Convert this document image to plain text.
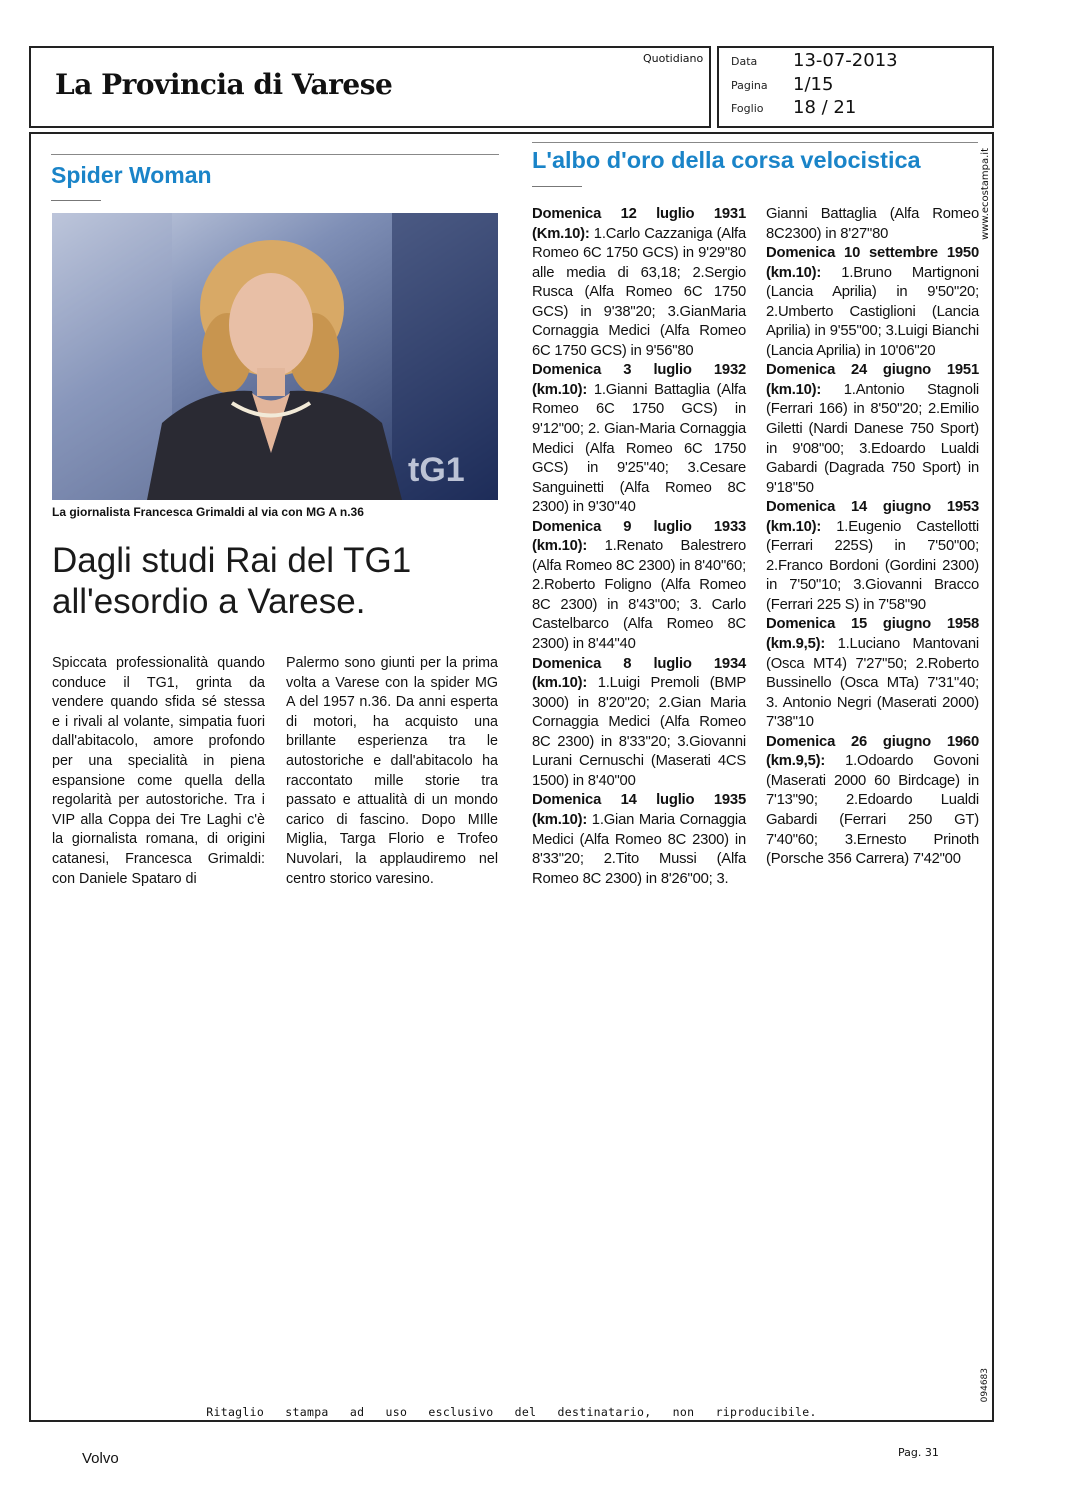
La Provincia di Varese
Quotidiano	Data 13-07-2013
Pagina 1/15
Foglio 18 / 21
www.ecostampa.it
094683
Spider Woman
tG1
La giornalista Francesca Grimaldi al via con MG A n.36
Dagli studi Rai del TG1
all'esordio a Varese.
Spiccata professionalità quando conduce il TG1, grinta da vendere quando sfida sé stessa e i rivali al volante, simpatia fuori dall'abitacolo, amore profondo per una specialità in piena espansione come quella della regolarità per autostoriche. Tra i VIP alla Coppa dei Tre Laghi c'è la giornalista romana, di origini catanesi, Francesca Grimaldi: con Daniele Spataro di
Palermo sono giunti per la prima volta a Varese con la spider MG A del 1957 n.36. Da anni esperta di motori, ha acquisto una brillante esperienza tra le autostoriche e dall'abitacolo ha raccontato mille storie tra passato e attualità di un mondo carico di fascino. Dopo MIlle Miglia, Targa Florio e Trofeo Nuvolari, la applaudiremo nel centro storico varesino.
L'albo d'oro della corsa velocistica

Domenica 12 luglio 1931 (Km.10): 1.Carlo Cazzaniga (Alfa Romeo 6C 1750 GCS) in 9'29"80 alle media di 63,18; 2.Sergio Rusca (Alfa Romeo 6C 1750 GCS) in 9'38"20; 3.GianMaria Cornaggia Medici (Alfa Romeo 6C 1750 GCS) in 9'56"80

Domenica 3 luglio 1932 (km.10): 1.Gianni Battaglia (Alfa Romeo 6C 1750 GCS) in 9'12"00; 2. Gian-Maria Cornaggia Medici (Alfa Romeo 6C 1750 GCS) in 9'25"40; 3.Cesare Sanguinetti (Alfa Romeo 8C 2300) in 9'30"40

Domenica 9 luglio 1933 (km.10): 1.Renato Balestrero (Alfa Romeo 8C 2300) in 8'40"60; 2.Roberto Foligno (Alfa Romeo 8C 2300) in 8'43"00; 3. Carlo Castelbarco (Alfa Romeo 8C 2300) in 8'44"40

Domenica 8 luglio 1934 (km.10): 1.Luigi Premoli (BMP 3000) in 8'20"20; 2.Gian Maria Cornaggia Medici (Alfa Romeo 8C 2300) in 8'33"20; 3.Giovanni Lurani Cernuschi (Maserati 4CS 1500) in 8'40"00

Domenica 14 luglio 1935 (km.10): 1.Gian Maria Cornaggia Medici (Alfa Romeo 8C 2300) in 8'33"20; 2.Tito Mussi (Alfa Romeo 8C 2300) in 8'26"00; 3.

Gianni Battaglia (Alfa Romeo 8C2300) in 8'27"80

Domenica 10 settembre 1950 (km.10): 1.Bruno Martignoni (Lancia Aprilia) in 9'50"20; 2.Umberto Castiglioni (Lancia Aprilia) in 9'55"00; 3.Luigi Bianchi (Lancia Aprilia) in 10'06"20

Domenica 24 giugno 1951 (km.10): 1.Antonio Stagnoli (Ferrari 166) in 8'50"20; 2.Emilio Giletti (Nardi Danese 750 Sport) in 9'08"00; 3.Edoardo Lualdi Gabardi (Dagrada 750 Sport) in 9'18"50

Domenica 14 giugno 1953 (km.10): 1.Eugenio Castellotti (Ferrari 225S) in 7'50"00; 2.Franco Bordoni (Gordini 2300) in 7'50"10; 3.Giovanni Bracco (Ferrari 225 S) in 7'58"90

Domenica 15 giugno 1958 (km.9,5): 1.Luciano Mantovani (Osca MT4) 7'27"50; 2.Roberto Bussinello (Osca MTa) 7'31"40; 3. Antonio Negri (Maserati 2000) 7'38"10

Domenica 26 giugno 1960 (km.9,5): 1.Odoardo Govoni (Maserati 2000 60 Birdcage) in 7'13"90; 2.Edoardo Lualdi Gabardi (Ferrari 250 GT) 7'40"60; 3.Ernesto Prinoth (Porsche 356 Carrera) 7'42"00

Ritaglio stampa ad uso esclusivo del destinatario, non riproducibile.
Volvo	Pag. 31
